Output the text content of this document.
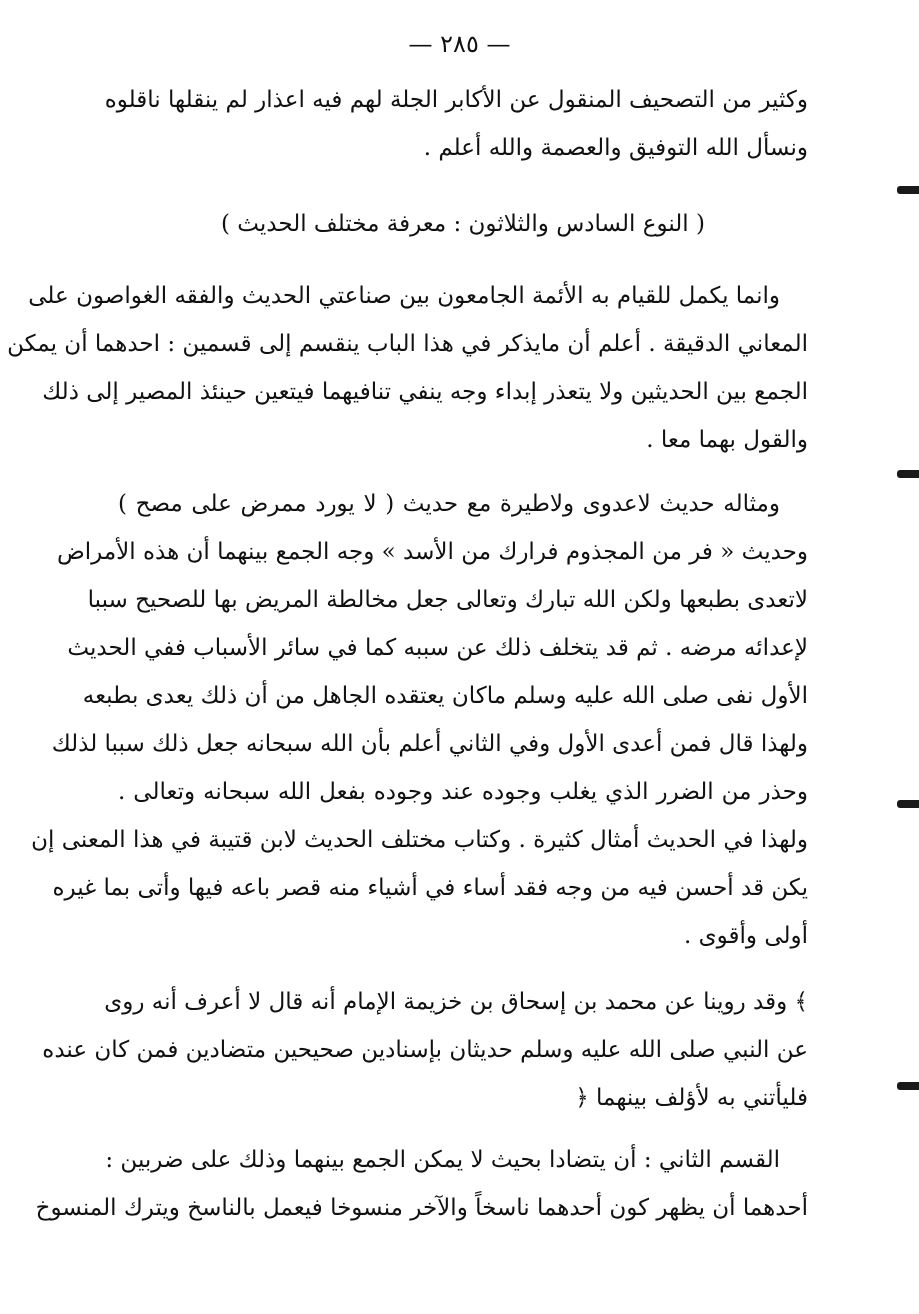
— ٢٨٥ —
وكثير من التصحيف المنقول عن الأكابر الجلة لهم فيه اعذار لم ينقلها ناقلوه
ونسأل الله التوفيق والعصمة والله أعلم .
( النوع السادس والثلاثون : معرفة مختلف الحديث )
وانما يكمل للقيام به الأئمة الجامعون بين صناعتي الحديث والفقه الغواصون على
المعاني الدقيقة . أعلم أن مايذكر في هذا الباب ينقسم إلى قسمين : احدهما أن يمكن
الجمع بين الحديثين ولا يتعذر إبداء وجه ينفي تنافيهما فيتعين حينئذ المصير إلى ذلك
والقول بهما معا .
ومثاله حديث لاعدوى ولاطيرة مع حديث ( لا يورد ممرض على مصح )
وحديث « فر من المجذوم فرارك من الأسد » وجه الجمع بينهما أن هذه الأمراض
لاتعدى بطبعها ولكن الله تبارك وتعالى جعل مخالطة المريض بها للصحيح سببا
لإعدائه مرضه . ثم قد يتخلف ذلك عن سببه كما في سائر الأسباب ففي الحديث
الأول نفى صلى الله عليه وسلم ماكان يعتقده الجاهل من أن ذلك يعدى بطبعه
ولهذا قال فمن أعدى الأول وفي الثاني أعلم بأن الله سبحانه جعل ذلك سببا لذلك
وحذر من الضرر الذي يغلب وجوده عند وجوده بفعل الله سبحانه وتعالى .
ولهذا في الحديث أمثال كثيرة . وكتاب مختلف الحديث لابن قتيبة في هذا المعنى إن
يكن قد أحسن فيه من وجه فقد أساء في أشياء منه قصر باعه فيها وأتى بما غيره
أولى وأقوى .
﴾ وقد روينا عن محمد بن إسحاق بن خزيمة الإمام أنه قال لا أعرف أنه روى
عن النبي صلى الله عليه وسلم حديثان بإسنادين صحيحين متضادين فمن كان عنده
فليأتني به لأؤلف بينهما ﴿
القسم الثاني : أن يتضادا بحيث لا يمكن الجمع بينهما وذلك على ضربين :
أحدهما أن يظهر كون أحدهما ناسخاً والآخر منسوخا فيعمل بالناسخ ويترك المنسوخ
